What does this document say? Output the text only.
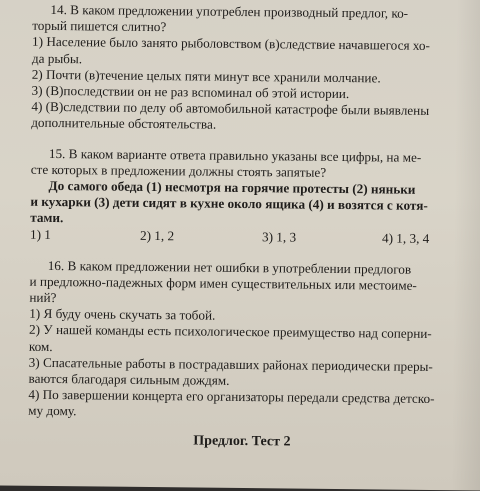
14. В каком предложении употреблен производный предлог, ко-

торый пишется слитно?

1) Население было занято рыболовством (в)следствие начавшегося хо-

да рыбы.

2) Почти (в)течение целых пяти минут все хранили молчание.

3) (В)последствии он не раз вспоминал об этой истории.

4) (В)следствии по делу об автомобильной катастрофе были выявлены

дополнительные обстоятельства.

15. В каком варианте ответа правильно указаны все цифры, на ме-

сте которых в предложении должны стоять запятые?

До самого обеда (1) несмотря на горячие протесты (2) няньки

и кухарки (3) дети сидят в кухне около ящика (4) и возятся с котя-

тами.

1) 1	2) 1, 2	3) 1, 3	4) 1, 3, 4

16. В каком предложении нет ошибки в употреблении предлогов

и предложно-падежных форм имен существительных или местоиме-

ний?

1) Я буду очень скучать за тобой.

2) У нашей команды есть психологическое преимущество над соперни-

ком.

3) Спасательные работы в пострадавших районах периодически преры-

ваются благодаря сильным дождям.

4) По завершении концерта его организаторы передали средства детско-

му дому.

Предлог. Тест 2
